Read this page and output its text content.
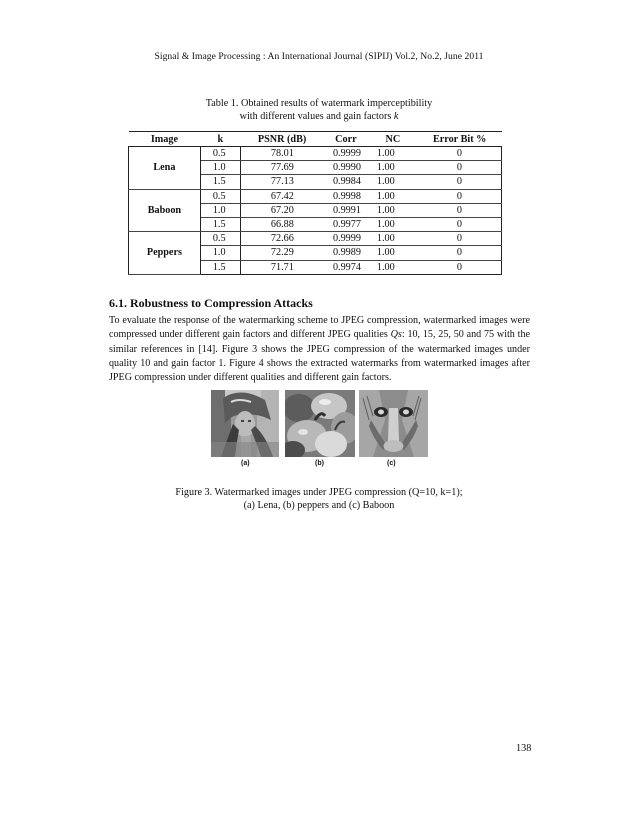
Signal & Image Processing : An International Journal (SIPIJ) Vol.2, No.2, June 2011
Table 1. Obtained results of watermark imperceptibility
with different values and gain factors k
Image	k	PSNR (dB)	Corr	NC	Error Bit %
Lena	0.5	78.01	0.9999	1.00	0
	1.0	77.69	0.9990	1.00	0
	1.5	77.13	0.9984	1.00	0
Baboon	0.5	67.42	0.9998	1.00	0
	1.0	67.20	0.9991	1.00	0
	1.5	66.88	0.9977	1.00	0
Peppers	0.5	72.66	0.9999	1.00	0
	1.0	72.29	0.9989	1.00	0
	1.5	71.71	0.9974	1.00	0
6.1. Robustness to Compression Attacks
To evaluate the response of the watermarking scheme to JPEG compression, watermarked images were compressed under different gain factors and different JPEG qualities Qs: 10, 15, 25, 50 and 75 with the similar references in [14]. Figure 3 shows the JPEG compression of the watermarked images under quality 10 and gain factor 1. Figure 4 shows the extracted watermarks from watermarked images after JPEG compression under different qualities and different gain factors.
(a)	(b)	(c)
Figure 3. Watermarked images under JPEG compression (Q=10, k=1);
(a) Lena, (b) peppers and (c) Baboon
138
